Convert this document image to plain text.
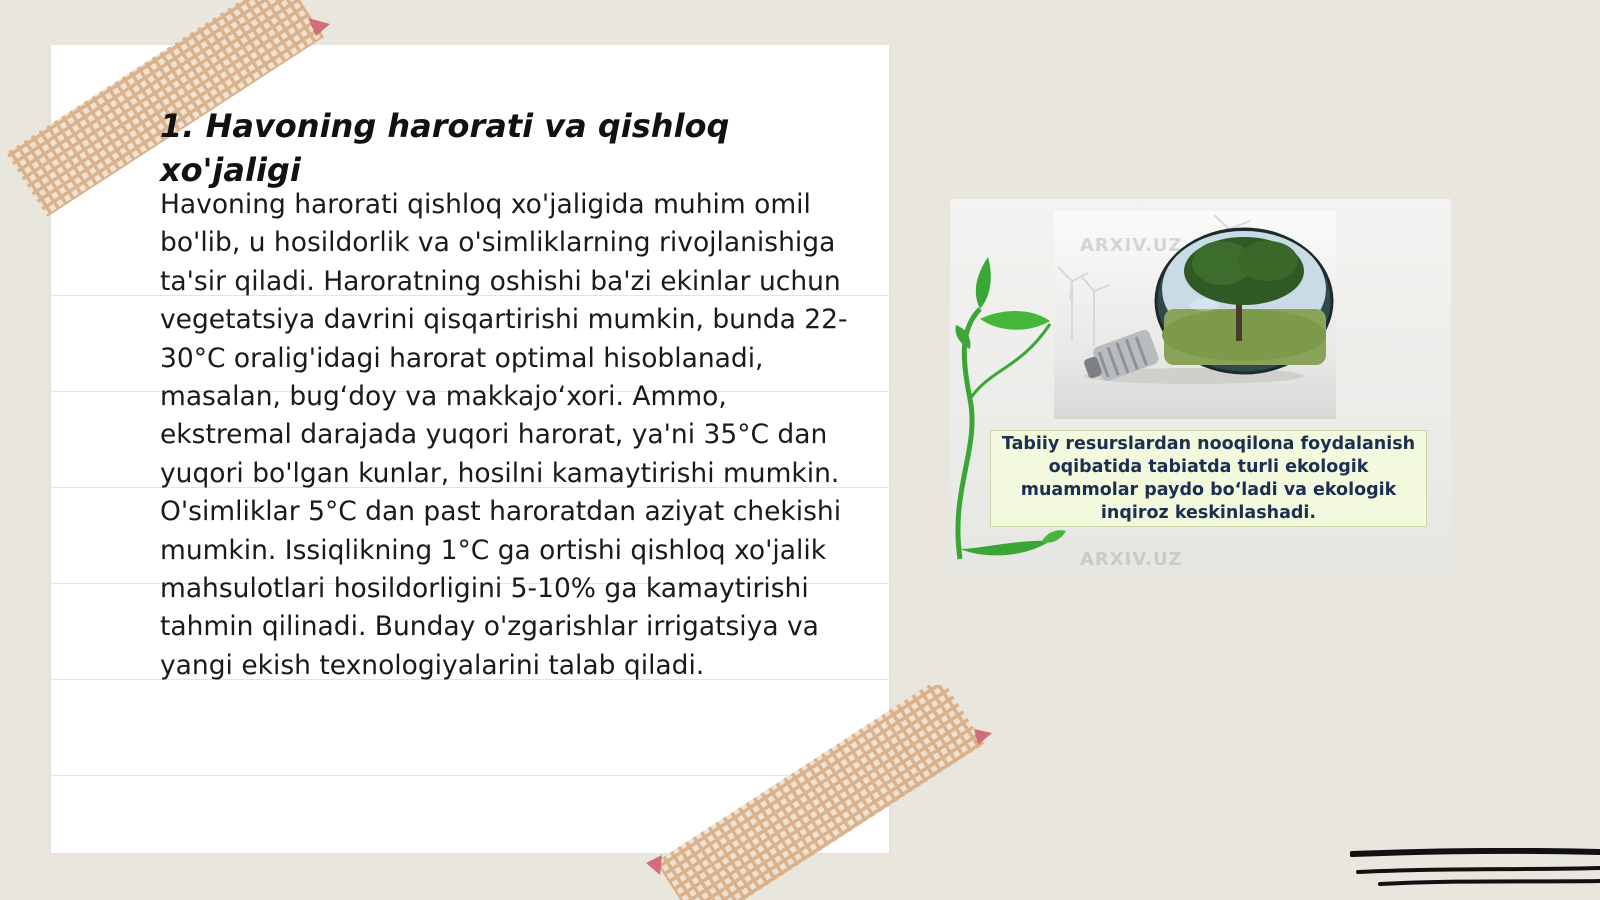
1. Havoning harorati va qishloq xo'jaligi

Havoning harorati qishloq xo'jaligida muhim omil bo'lib, u hosildorlik va o'simliklarning rivojlanishiga ta'sir qiladi. Haroratning oshishi ba'zi ekinlar uchun vegetatsiya davrini qisqartirishi mumkin, bunda 22-30°C oralig'idagi harorat optimal hisoblanadi, masalan, bug‘doy va makkajo‘xori. Ammo, ekstremal darajada yuqori harorat, ya'ni 35°C dan yuqori bo'lgan kunlar, hosilni kamaytirishi mumkin. O'simliklar 5°C dan past haroratdan aziyat chekishi mumkin. Issiqlikning 1°C ga ortishi qishloq xo'jalik mahsulotlari hosildorligini 5-10% ga kamaytirishi tahmin qilinadi. Bunday o'zgarishlar irrigatsiya va yangi ekish texnologiyalarini talab qiladi.

ARXIV.UZ
ARXIV.UZ
Tabiiy resurslardan nooqilona foydalanish oqibatida tabiatda turli ekologik muammolar paydo bo‘ladi va ekologik inqiroz keskinlashadi.
